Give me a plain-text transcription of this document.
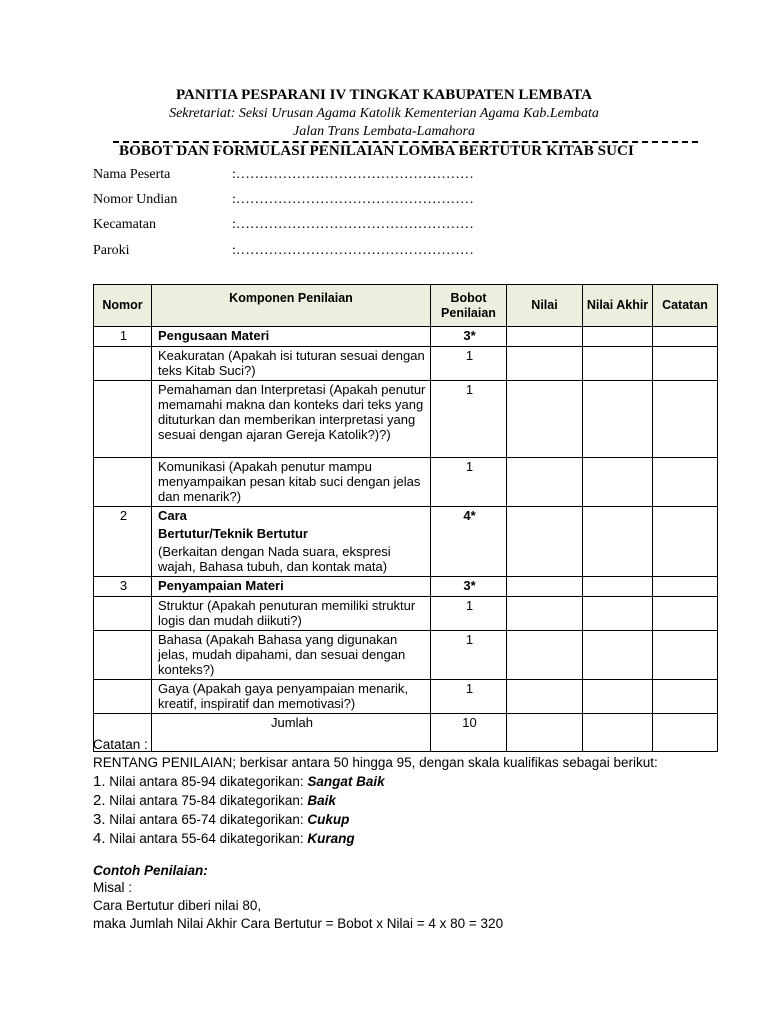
PANITIA PESPARANI IV TINGKAT KABUPATEN LEMBATA
Sekretariat: Seksi Urusan Agama Katolik Kementerian Agama Kab.Lembata
Jalan Trans Lembata-Lamahora
BOBOT DAN FORMULASI PENILAIAN LOMBA BERTUTUR KITAB SUCI
Nama Peserta	:……………………………………………
Nomor Undian	:……………………………………………
Kecamatan	:……………………………………………
Paroki	:……………………………………………
Nomor	Komponen Penilaian	Bobot Penilaian	Nilai	Nilai Akhir	Catatan
1	Pengusaan Materi	3*			
	Keakuratan (Apakah isi tuturan sesuai dengan teks Kitab Suci?)	1			
	Pemahaman dan Interpretasi (Apakah penutur memamahi makna dan konteks dari teks yang dituturkan dan memberikan interpretasi yang sesuai dengan ajaran Gereja Katolik?)?)	1			
	Komunikasi (Apakah penutur mampu menyampaikan pesan kitab suci dengan jelas dan menarik?)	1			
2	Cara
Bertutur/Teknik Bertutur
(Berkaitan dengan Nada suara, ekspresi wajah, Bahasa tubuh, dan kontak mata)	4*			
3	Penyampaian Materi	3*			
	Struktur (Apakah penuturan memiliki struktur logis dan mudah diikuti?)	1			
	Bahasa (Apakah Bahasa yang digunakan jelas, mudah dipahami, dan sesuai dengan konteks?)	1			
	Gaya (Apakah gaya penyampaian menarik, kreatif, inspiratif dan memotivasi?)	1			
	Jumlah	10			
Catatan :
RENTANG PENILAIAN; berkisar antara 50 hingga 95, dengan skala kualifikas sebagai berikut:
1. Nilai antara 85-94 dikategorikan: Sangat Baik
2. Nilai antara 75-84 dikategorikan: Baik
3. Nilai antara 65-74 dikategorikan: Cukup
4. Nilai antara 55-64 dikategorikan: Kurang
Contoh Penilaian:
Misal :
Cara Bertutur diberi nilai 80,
maka Jumlah Nilai Akhir Cara Bertutur = Bobot x Nilai = 4 x 80 = 320
